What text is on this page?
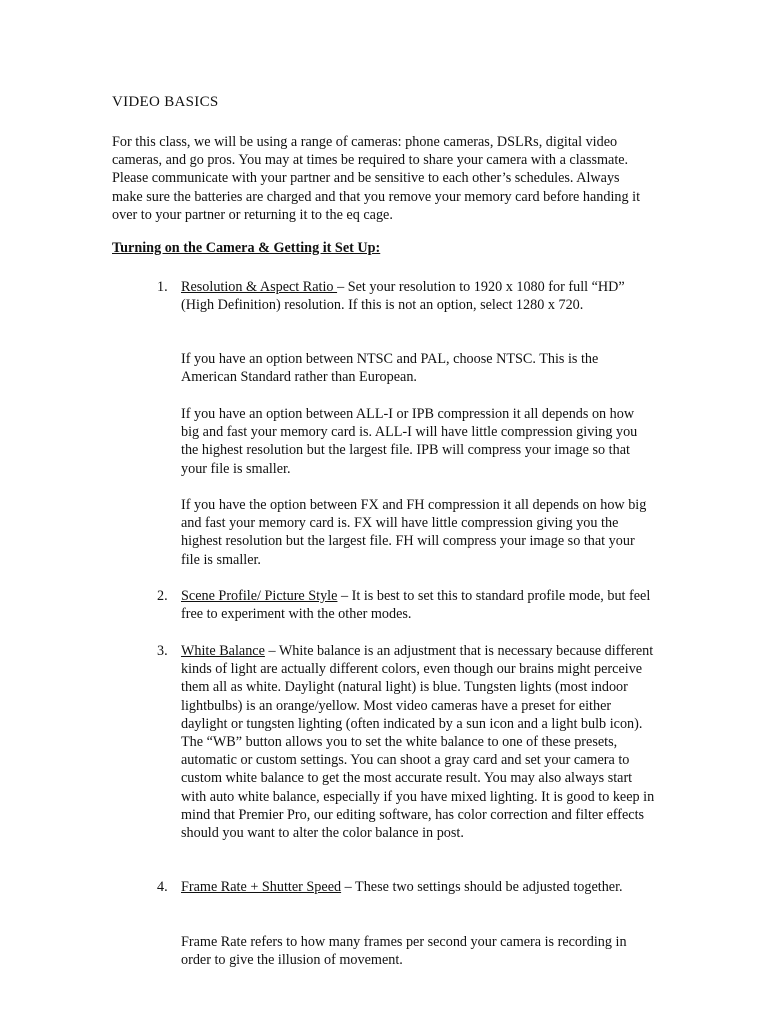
VIDEO BASICS

For this class, we will be using a range of cameras: phone cameras, DSLRs, digital video cameras, and go pros. You may at times be required to share your camera with a classmate. Please communicate with your partner and be sensitive to each other’s schedules. Always make sure the batteries are charged and that you remove your memory card before handing it over to your partner or returning it to the eq cage.

Turning on the Camera & Getting it Set Up:
1. Resolution & Aspect Ratio – Set your resolution to 1920 x 1080 for full “HD” (High Definition) resolution. If this is not an option, select 1280 x 720.

If you have an option between NTSC and PAL, choose NTSC. This is the American Standard rather than European.

If you have an option between ALL-I or IPB compression it all depends on how big and fast your memory card is. ALL-I will have little compression giving you the highest resolution but the largest file. IPB will compress your image so that your file is smaller.

If you have the option between FX and FH compression it all depends on how big and fast your memory card is. FX will have little compression giving you the highest resolution but the largest file. FH will compress your image so that your file is smaller.

2. Scene Profile/ Picture Style – It is best to set this to standard profile mode, but feel free to experiment with the other modes.

3. White Balance – White balance is an adjustment that is necessary because different kinds of light are actually different colors, even though our brains might perceive them all as white. Daylight (natural light) is blue. Tungsten lights (most indoor lightbulbs) is an orange/yellow. Most video cameras have a preset for either daylight or tungsten lighting (often indicated by a sun icon and a light bulb icon). The “WB” button allows you to set the white balance to one of these presets, automatic or custom settings. You can shoot a gray card and set your camera to custom white balance to get the most accurate result. You may also always start with auto white balance, especially if you have mixed lighting. It is good to keep in mind that Premier Pro, our editing software, has color correction and filter effects should you want to alter the color balance in post.

4. Frame Rate + Shutter Speed – These two settings should be adjusted together.

Frame Rate refers to how many frames per second your camera is recording in order to give the illusion of movement.
